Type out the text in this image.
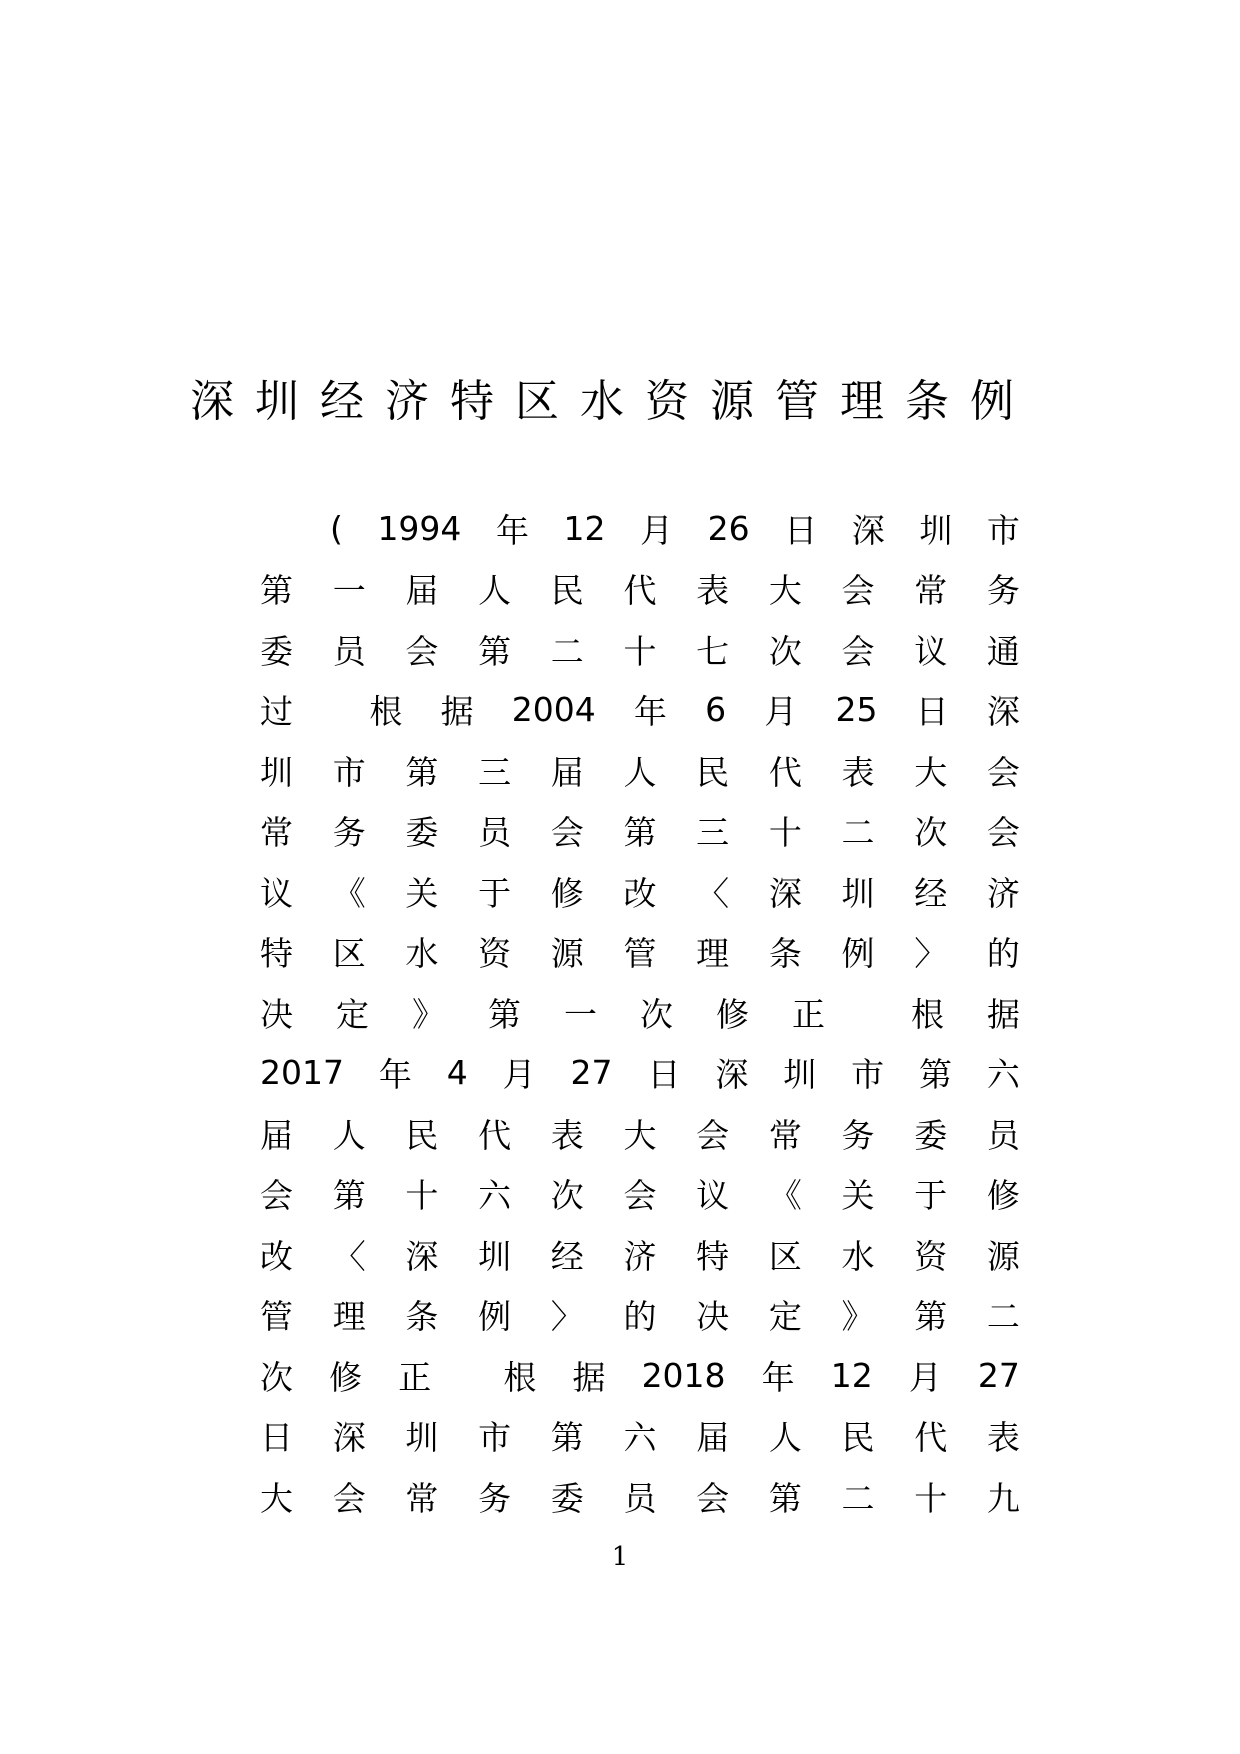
深圳经济特区水资源管理条例
( 1994 年 12 月 26 日 深 圳 市
第 一 届 人 民 代 表 大 会 常 务
委 员 会 第 二 十 七 次 会 议 通
过 根 据 2004 年 6 月 25 日 深
圳 市 第 三 届 人 民 代 表 大 会
常 务 委 员 会 第 三 十 二 次 会
议 《 关 于 修 改 〈 深 圳 经 济
特 区 水 资 源 管 理 条 例 〉 的
决 定 》 第 一 次 修 正	根 据
2017 年 4 月 27 日 深 圳 市 第 六
届 人 民 代 表 大 会 常 务 委 员
会 第 十 六 次 会 议 《 关 于 修
改 〈 深 圳 经 济 特 区 水 资 源
管 理 条 例 〉 的 决 定 》 第 二
次 修 正 根 据 2018 年 12 月 27
日 深 圳 市 第 六 届 人 民 代 表
大 会 常 务 委 员 会 第 二 十 九
1
